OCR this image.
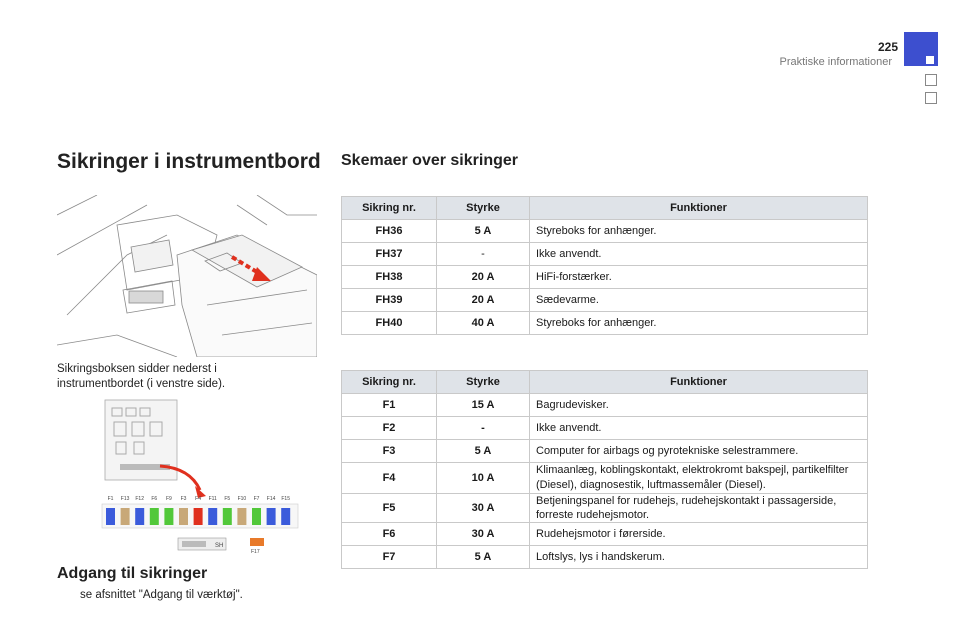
225
Praktiske informationer
Sikringer i instrumentbord
Sikringsboksen sidder nederst i instrumentbordet (i venstre side).
F1 F13 F12 F6 F9 F3 F4 F11 F5 F10 F7 F14 F15
SH
F17
Adgang til sikringer
se afsnittet "Adgang til værktøj".
Skemaer over sikringer
Sikring nr.	Styrke	Funktioner
FH36	5 A	Styreboks for anhænger.
FH37	-	Ikke anvendt.
FH38	20 A	HiFi-forstærker.
FH39	20 A	Sædevarme.
FH40	40 A	Styreboks for anhænger.
Sikring nr.	Styrke	Funktioner
F1	15 A	Bagrudevisker.
F2	-	Ikke anvendt.
F3	5 A	Computer for airbags og pyrotekniske selestrammere.
F4	10 A	Klimaanlæg, koblingskontakt, elektrokromt bakspejl, partikelfilter (Diesel), diagnosestik, luftmassemåler (Diesel).
F5	30 A	Betjeningspanel for rudehejs, rudehejskontakt i passagerside, forreste rudehejsmotor.
F6	30 A	Rudehejsmotor i førerside.
F7	5 A	Loftslys, lys i handskerum.
